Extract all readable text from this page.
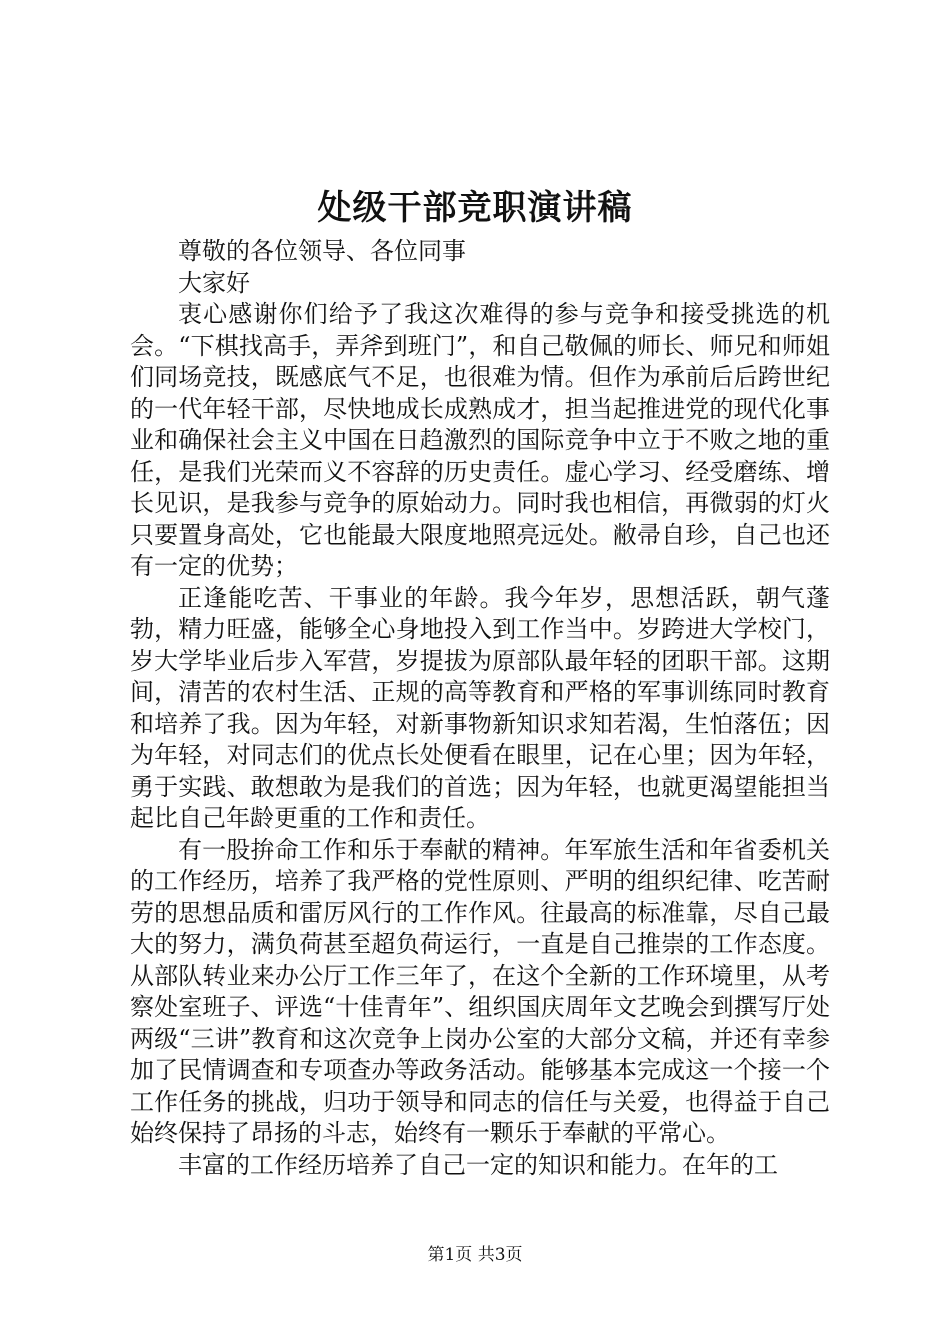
处级干部竞职演讲稿

尊敬的各位领导、各位同事

大家好

衷心感谢你们给予了我这次难得的参与竞争和接受挑选的机会。“下棋找高手，弄斧到班门”，和自己敬佩的师长、师兄和师姐们同场竞技，既感底气不足，也很难为情。但作为承前后后跨世纪的一代年轻干部，尽快地成长成熟成才，担当起推进党的现代化事业和确保社会主义中国在日趋激烈的国际竞争中立于不败之地的重任，是我们光荣而义不容辞的历史责任。虚心学习、经受磨练、增长见识，是我参与竞争的原始动力。同时我也相信，再微弱的灯火只要置身高处，它也能最大限度地照亮远处。敝帚自珍，自己也还有一定的优势；

正逢能吃苦、干事业的年龄。我今年岁，思想活跃，朝气蓬勃，精力旺盛，能够全心身地投入到工作当中。岁跨进大学校门，岁大学毕业后步入军营，岁提拔为原部队最年轻的团职干部。这期间，清苦的农村生活、正规的高等教育和严格的军事训练同时教育和培养了我。因为年轻，对新事物新知识求知若渴，生怕落伍；因为年轻，对同志们的优点长处便看在眼里，记在心里；因为年轻，勇于实践、敢想敢为是我们的首选；因为年轻，也就更渴望能担当起比自己年龄更重的工作和责任。

有一股拚命工作和乐于奉献的精神。年军旅生活和年省委机关的工作经历，培养了我严格的党性原则、严明的组织纪律、吃苦耐劳的思想品质和雷厉风行的工作作风。往最高的标准靠，尽自己最大的努力，满负荷甚至超负荷运行，一直是自己推崇的工作态度。从部队转业来办公厅工作三年了，在这个全新的工作环境里，从考察处室班子、评选“十佳青年”、组织国庆周年文艺晚会到撰写厅处两级“三讲”教育和这次竞争上岗办公室的大部分文稿，并还有幸参加了民情调查和专项查办等政务活动。能够基本完成这一个接一个工作任务的挑战，归功于领导和同志的信任与关爱，也得益于自己始终保持了昂扬的斗志，始终有一颗乐于奉献的平常心。

丰富的工作经历培养了自己一定的知识和能力。在年的工

第1页 共3页
